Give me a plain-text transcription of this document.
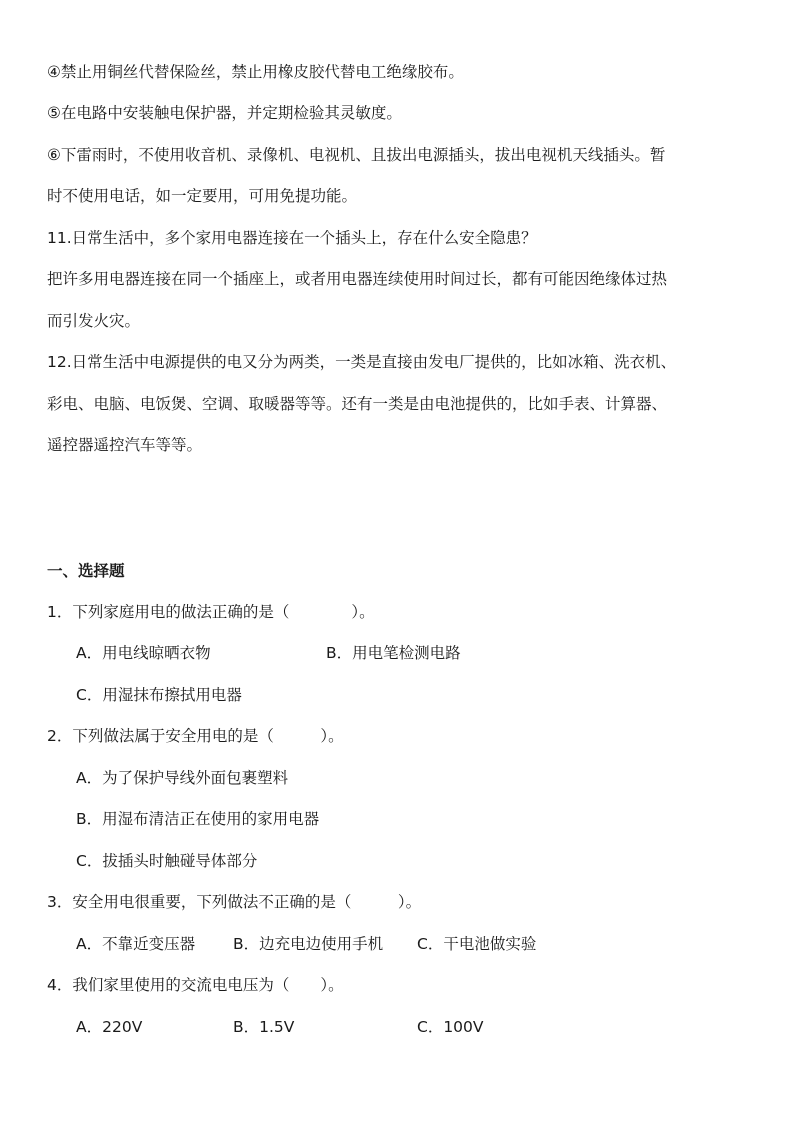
④禁止用铜丝代替保险丝，禁止用橡皮胶代替电工绝缘胶布。
⑤在电路中安装触电保护器，并定期检验其灵敏度。
⑥下雷雨时，不使用收音机、录像机、电视机、且拔出电源插头，拔出电视机天线插头。暂
时不使用电话，如一定要用，可用免提功能。
11.日常生活中，多个家用电器连接在一个插头上，存在什么安全隐患？
把许多用电器连接在同一个插座上，或者用电器连续使用时间过长，都有可能因绝缘体过热
而引发火灾。
12.日常生活中电源提供的电又分为两类，一类是直接由发电厂提供的，比如冰箱、洗衣机、
彩电、电脑、电饭煲、空调、取暖器等等。还有一类是由电池提供的，比如手表、计算器、
遥控器遥控汽车等等。
一、选择题
1．下列家庭用电的做法正确的是（　　　　）。
A．用电线晾晒衣物	B．用电笔检测电路
C．用湿抹布擦拭用电器
2．下列做法属于安全用电的是（　　　）。
A．为了保护导线外面包裹塑料
B．用湿布清洁正在使用的家用电器
C．拔插头时触碰导体部分
3．安全用电很重要，下列做法不正确的是（　　　）。
A．不靠近变压器 B．边充电边使用手机 C．干电池做实验
4．我们家里使用的交流电电压为（　　）。
A．220V	B．1.5V	C．100V
